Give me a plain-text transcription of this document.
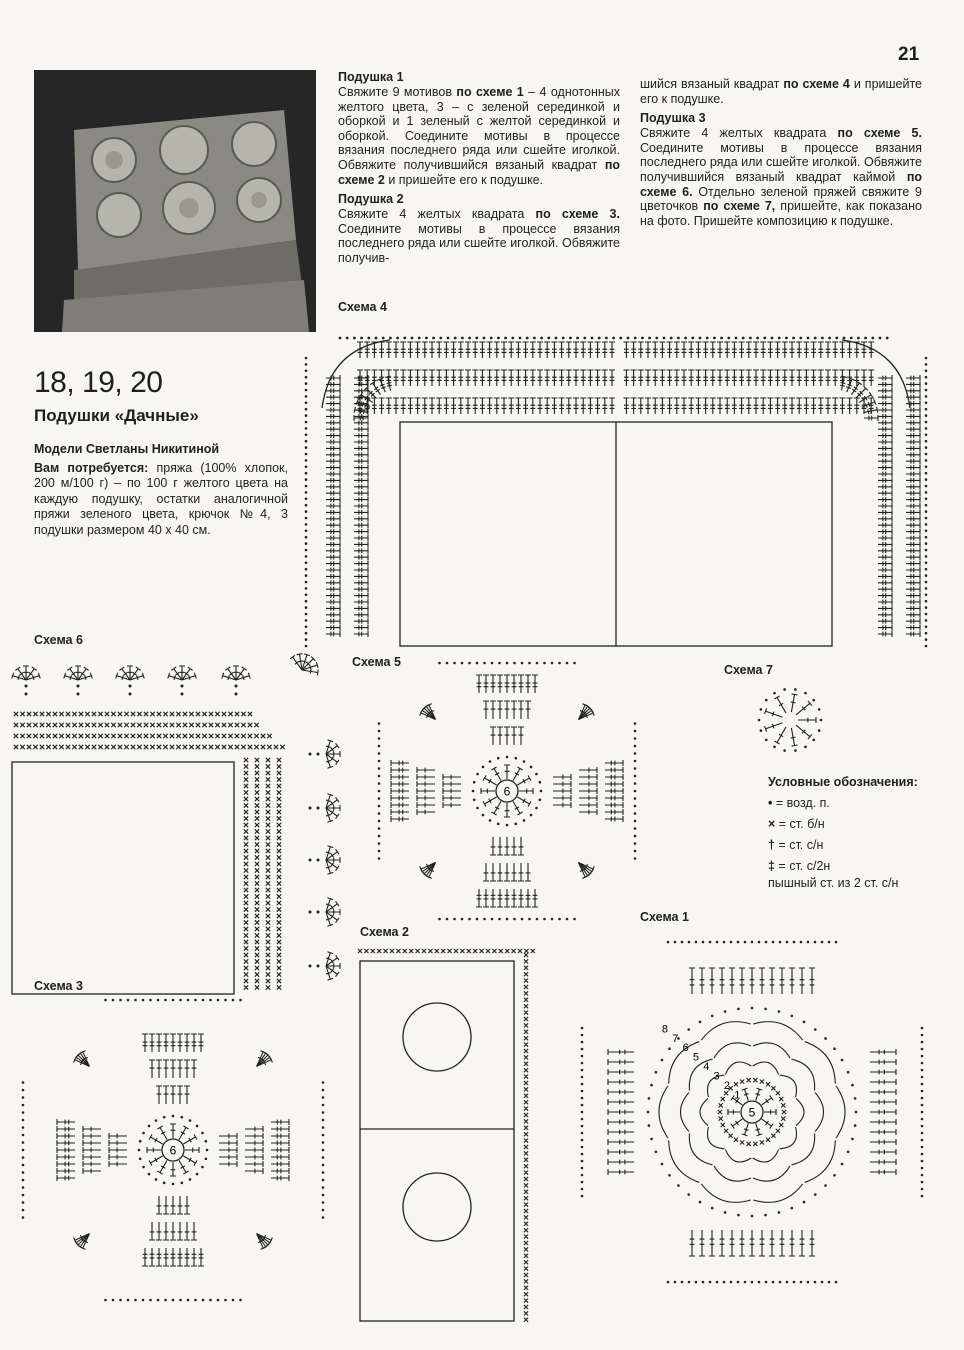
21

Подушка 1

Свяжите 9 мотивов по схеме 1 – 4 однотонных желтого цвета, 3 – с зеленой серединкой и оборкой и 1 зеленый с желтой серединкой и оборкой. Соедините мотивы в процессе вязания последнего ряда или сшейте иголкой. Обвяжите получившийся вязаный квадрат по схеме 2 и пришейте его к подушке.

Подушка 2

Свяжите 4 желтых квадрата по схеме 3. Соедините мотивы в процессе вязания последнего ряда или сшейте иголкой. Обвяжите получив-

шийся вязаный квадрат по схеме 4 и пришейте его к подушке.

Подушка 3

Свяжите 4 желтых квадрата по схеме 5. Соедините мотивы в процессе вязания последнего ряда или сшейте иголкой. Обвяжите получившийся вязаный квадрат каймой по схеме 6. Отдельно зеленой пряжей свяжите 9 цветочков по схеме 7, пришейте, как показано на фото. Пришейте композицию к подушке.

18, 19, 20
Подушки «Дачные»
Модели Светланы Никитиной
Вам потребуется: пряжа (100% хлопок, 200 м/100 г) – по 100 г желтого цвета на каждую подушку, остатки аналогичной пряжи зеленого цвета, крючок №4, 3 подушки размером 40 х 40 см.
Схема 4
Схема 6
Схема 5
Схема 7
Схема 1
Схема 2
Схема 3
6
Условные обозначения:
• = возд. п.
× = ст. б/н
† = ст. с/н
‡ = ст. с/2н
пышный ст. из 2 ст. с/н
6
5
1
2
3
4
5
6
7
8
